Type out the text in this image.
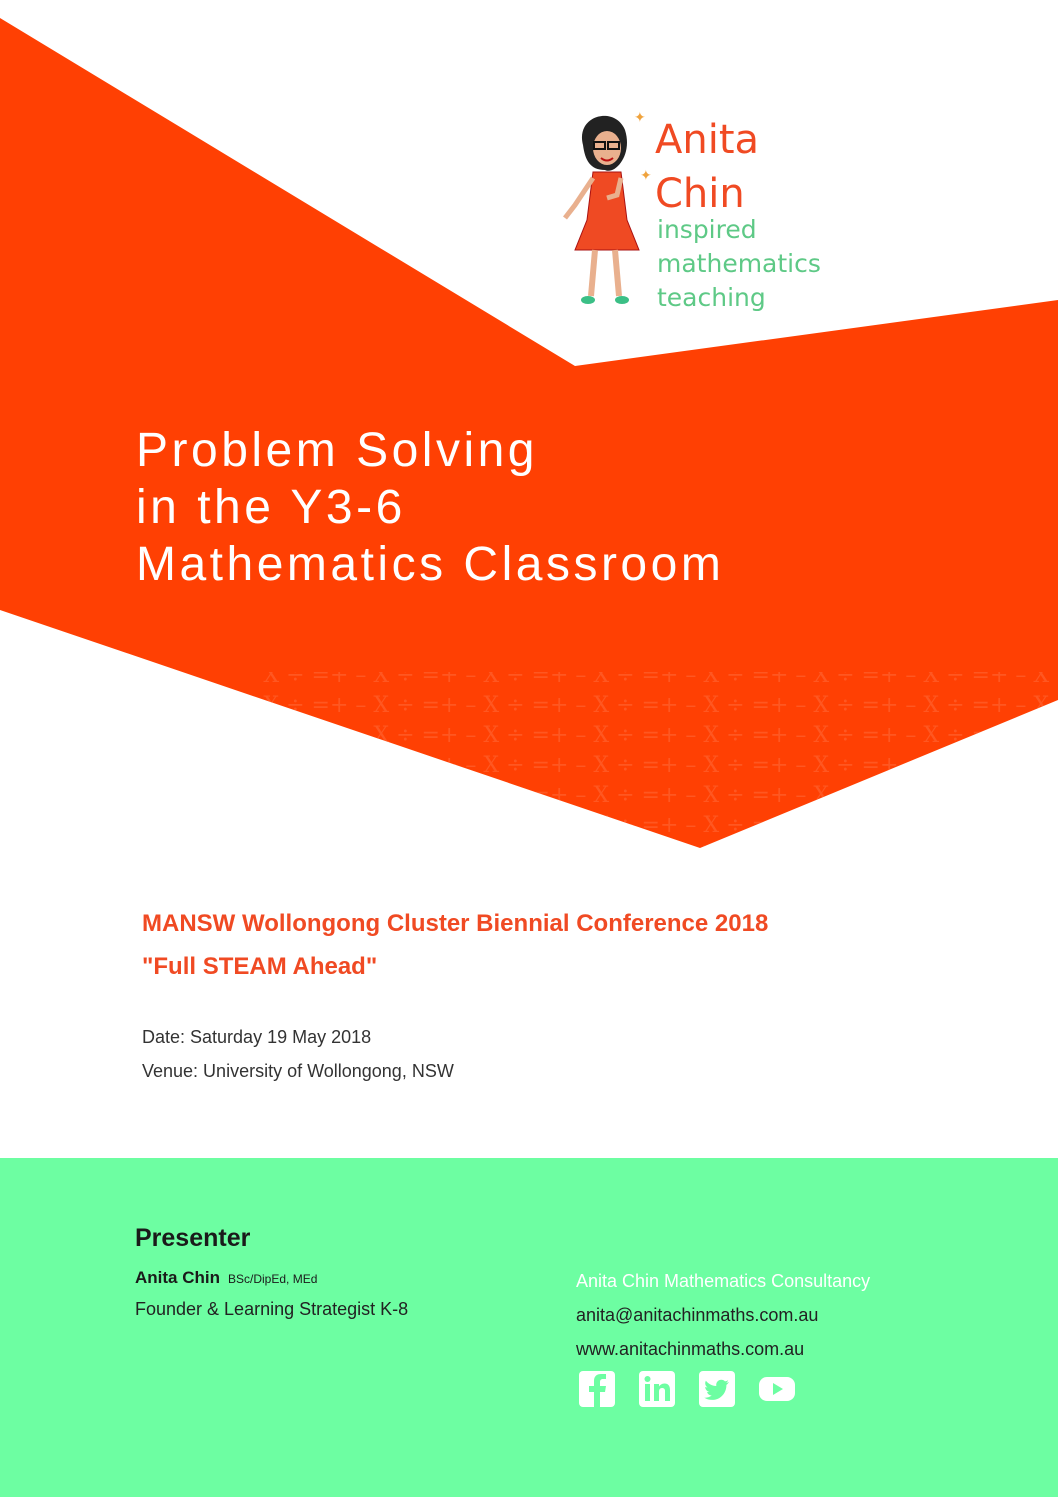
✦
✦
Anita
Chin
inspired
mathematics
teaching
Problem Solving
in the Y3-6
Mathematics Classroom
MANSW Wollongong Cluster Biennial Conference 2018
"Full STEAM Ahead"
Date: Saturday 19 May 2018
Venue: University of Wollongong, NSW
Presenter
Anita Chin BSc/DipEd, MEd
Founder & Learning Strategist K-8
Anita Chin Mathematics Consultancy
anita@anitachinmaths.com.au
www.anitachinmaths.com.au
